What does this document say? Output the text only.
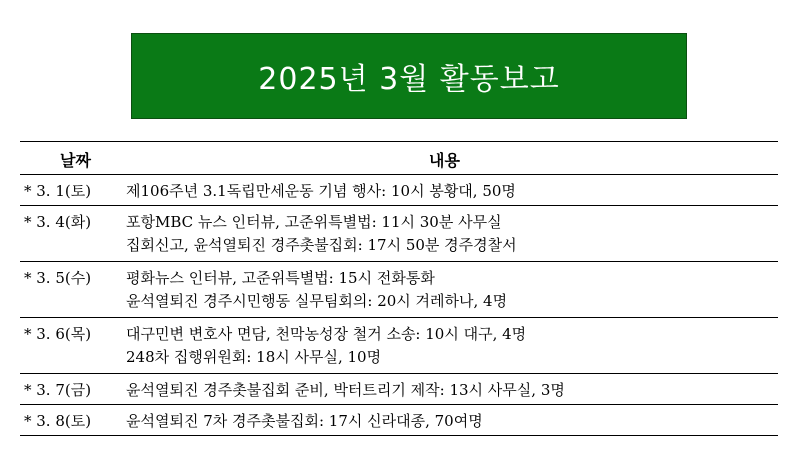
2025년 3월 활동보고
날짜	내용
* 3. 1(토) 제106주년 3.1독립만세운동 기념 행사: 10시 봉황대, 50명
* 3. 4(화) 포항MBC 뉴스 인터뷰, 고준위특별법: 11시 30분 사무실
집회신고, 윤석열퇴진 경주촛불집회: 17시 50분 경주경찰서
* 3. 5(수) 평화뉴스 인터뷰, 고준위특별법: 15시 전화통화
윤석열퇴진 경주시민행동 실무팀회의: 20시 겨레하나, 4명
* 3. 6(목) 대구민변 변호사 면담, 천막농성장 철거 소송: 10시 대구, 4명
248차 집행위원회: 18시 사무실, 10명
* 3. 7(금) 윤석열퇴진 경주촛불집회 준비, 박터트리기 제작: 13시 사무실, 3명
* 3. 8(토) 윤석열퇴진 7차 경주촛불집회: 17시 신라대종, 70여명
